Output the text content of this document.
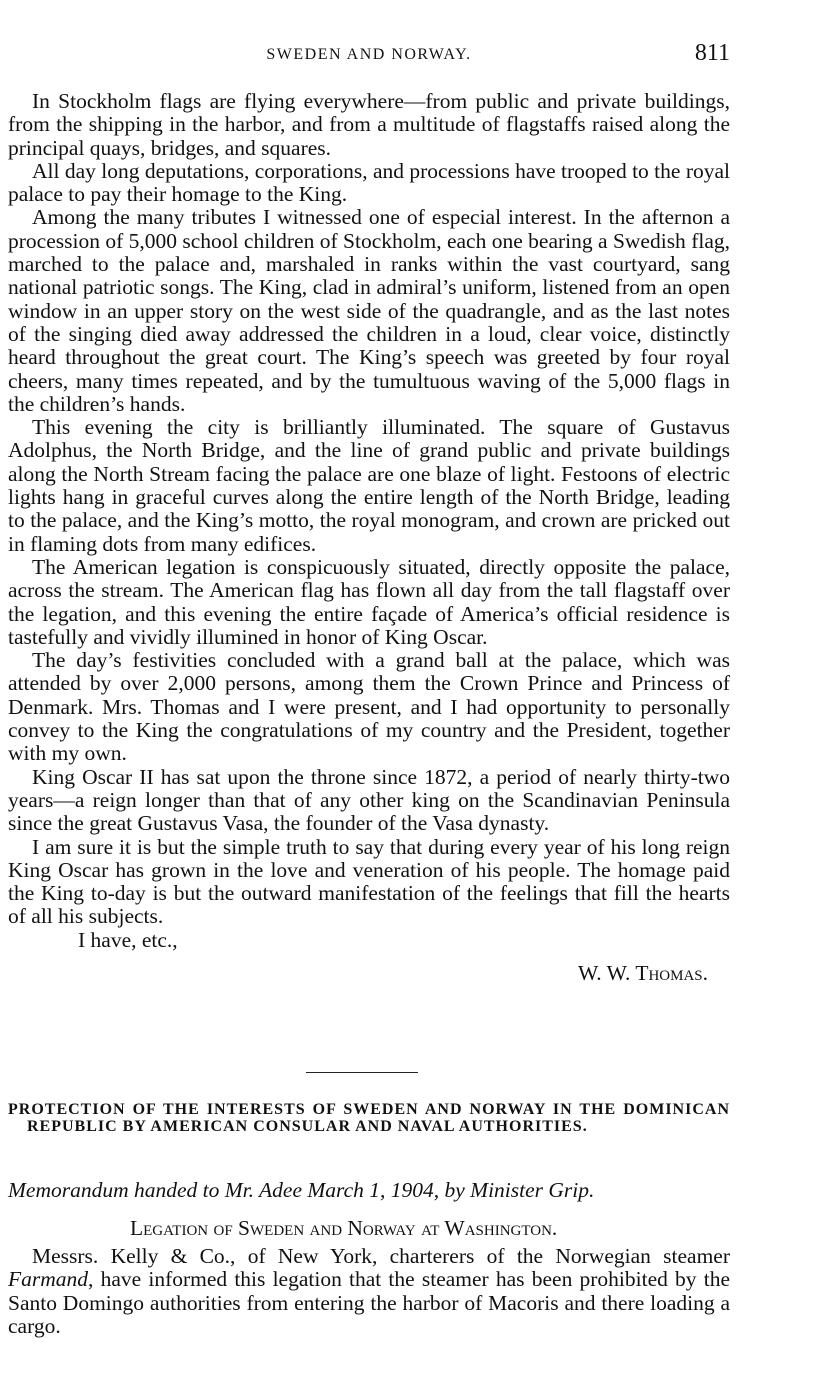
SWEDEN AND NORWAY.	811

In Stockholm flags are flying everywhere—from public and private buildings, from the shipping in the harbor, and from a multitude of flagstaffs raised along the principal quays, bridges, and squares.

All day long deputations, corporations, and processions have trooped to the royal palace to pay their homage to the King.

Among the many tributes I witnessed one of especial interest. In the afternon a procession of 5,000 school children of Stockholm, each one bearing a Swedish flag, marched to the palace and, marshaled in ranks within the vast courtyard, sang national patriotic songs. The King, clad in admiral’s uniform, listened from an open window in an upper story on the west side of the quadrangle, and as the last notes of the singing died away addressed the children in a loud, clear voice, distinctly heard throughout the great court. The King’s speech was greeted by four royal cheers, many times repeated, and by the tumultuous waving of the 5,000 flags in the children’s hands.

This evening the city is brilliantly illuminated. The square of Gustavus Adolphus, the North Bridge, and the line of grand public and private buildings along the North Stream facing the palace are one blaze of light. Festoons of electric lights hang in graceful curves along the entire length of the North Bridge, leading to the palace, and the King’s motto, the royal monogram, and crown are pricked out in flaming dots from many edifices.

The American legation is conspicuously situated, directly opposite the palace, across the stream. The American flag has flown all day from the tall flagstaff over the legation, and this evening the entire façade of America’s official residence is tastefully and vividly illumined in honor of King Oscar.

The day’s festivities concluded with a grand ball at the palace, which was attended by over 2,000 persons, among them the Crown Prince and Princess of Denmark. Mrs. Thomas and I were present, and I had opportunity to personally convey to the King the congratulations of my country and the President, together with my own.

King Oscar II has sat upon the throne since 1872, a period of nearly thirty-two years—a reign longer than that of any other king on the Scandinavian Peninsula since the great Gustavus Vasa, the founder of the Vasa dynasty.

I am sure it is but the simple truth to say that during every year of his long reign King Oscar has grown in the love and veneration of his people. The homage paid the King to-day is but the outward manifestation of the feelings that fill the hearts of all his subjects.

I have, etc.,

W. W. Thomas.

PROTECTION OF THE INTERESTS OF SWEDEN AND NORWAY IN THE DOMINICAN REPUBLIC BY AMERICAN CONSULAR AND NAVAL AUTHORITIES.
Memorandum handed to Mr. Adee March 1, 1904, by Minister Grip.
Legation of Sweden and Norway at Washington.

Messrs. Kelly & Co., of New York, charterers of the Norwegian steamer Farmand, have informed this legation that the steamer has been prohibited by the Santo Domingo authorities from entering the harbor of Macoris and there loading a cargo.
